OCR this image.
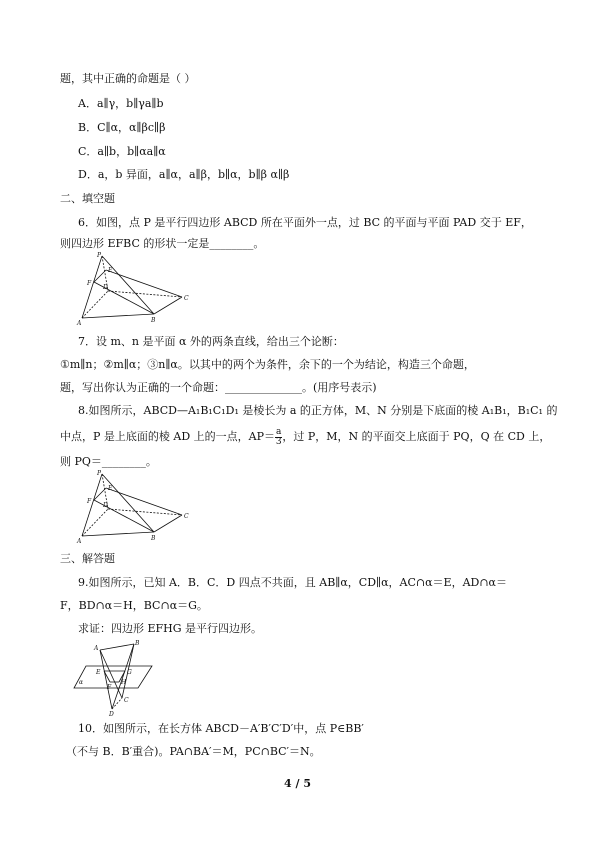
题，其中正确的命题是（ ）
A．a∥γ，b∥γa∥b
B．C∥α，α∥βc∥β
C．a∥b，b∥αa∥α
D．a，b 异面，a∥α，a∥β，b∥α，b∥β α∥β
二、填空题
6．如图，点 P 是平行四边形 ABCD 所在平面外一点，过 BC 的平面与平面 PAD 交于 EF，
则四边形 EFBC 的形状一定是________。
P
E
F
D
A	B
C
7．设 m、n 是平面 α 外的两条直线，给出三个论断：
①m∥n；②m∥α；③n∥α。以其中的两个为条件，余下的一个为结论，构造三个命题，
题，写出你认为正确的一个命题：______________。(用序号表示)
8.如图所示，ABCD—A₁B₁C₁D₁ 是棱长为 a 的正方体，M、N 分别是下底面的棱 A₁B₁，B₁C₁ 的
中点，P 是上底面的棱 AD 上的一点，$AP= \frac{a}{3}$ ，过 P，M，N 的平面交上底面于 PQ，Q 在 CD 上，
则 PQ＝________。
P
E
F
D
A	B
C
三、解答题
9.如图所示，已知 A．B．C．D 四点不共面，且 AB∥α，CD∥α，AC∩α＝E，AD∩α＝
F，BD∩α＝H，BC∩α＝G。
求证：四边形 EFHG 是平行四边形。
A
B
C
D
E
F
G
H
α
10．如图所示，在长方体 ABCD－A′B′C′D′中，点 P∈BB′
（不与 B．B′重合)。PA∩BA′＝M，PC∩BC′＝N。
4 / 5
